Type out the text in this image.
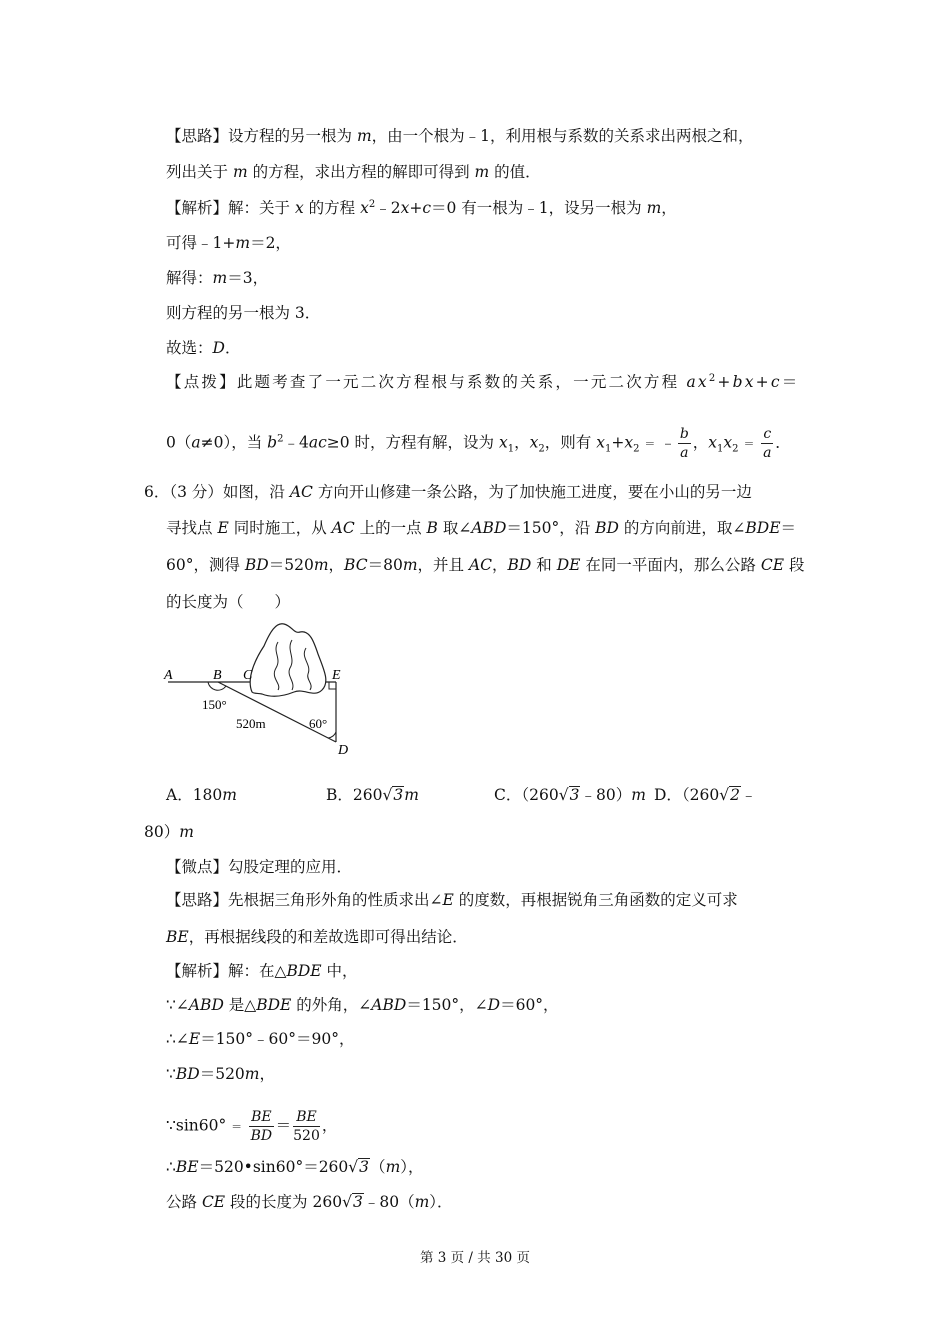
【思路】设方程的另一根为 m，由一个根为﹣1，利用根与系数的关系求出两根之和，
列出关于 m 的方程，求出方程的解即可得到 m 的值．
【解析】解：关于 x 的方程 $x^2﹣2x+c=0$ 有一根为﹣1，设另一根为 m，
可得﹣1+m＝2，
解得：m＝3，
则方程的另一根为 3．
故选：D．
【点拨】此题考查了一元二次方程根与系数的关系，一元二次方程 $ax^2+bx+c=$
0（a≠0），当 $b^2﹣4ac\ge 0$ 时，方程有解，设为 $x_1$，$x_2$，则有 $x_1+x_2$ ＝ ﹣ $\frac{b}{a}$ ，$x_1x_2 = \frac{c}{a}$ ．
6．（3 分）如图，沿 AC 方向开山修建一条公路，为了加快施工进度，要在小山的另一边
寻找点 E 同时施工，从 AC 上的一点 B 取∠ABD＝150°，沿 BD 的方向前进，取∠BDE＝
60°，测得 BD＝520m，BC＝80m，并且 AC，BD 和 DE 在同一平面内，那么公路 CE 段
的长度为（　　）
A	B C	E
D
150°
520m	60°
A．180m	B．260√3m	C．（260√3﹣80）m D．（260√2﹣
80）m
【微点】勾股定理的应用．
【思路】先根据三角形外角的性质求出∠E 的度数，再根据锐角三角函数的定义可求
BE，再根据线段的和差故选即可得出结论．
【解析】解：在△BDE 中，
∵∠ABD 是△BDE 的外角，∠ABD＝150°，∠D＝60°，
∴∠E＝150°﹣60°＝90°，
∵BD＝520m，
∵sin60° ＝ $\frac{BE}{BD} = \frac{BE}{520}$ ，
∴BE＝520•sin60°＝260√3（m），
公路 CE 段的长度为 260√3﹣80（m）．
第 3 页 / 共 30 页
